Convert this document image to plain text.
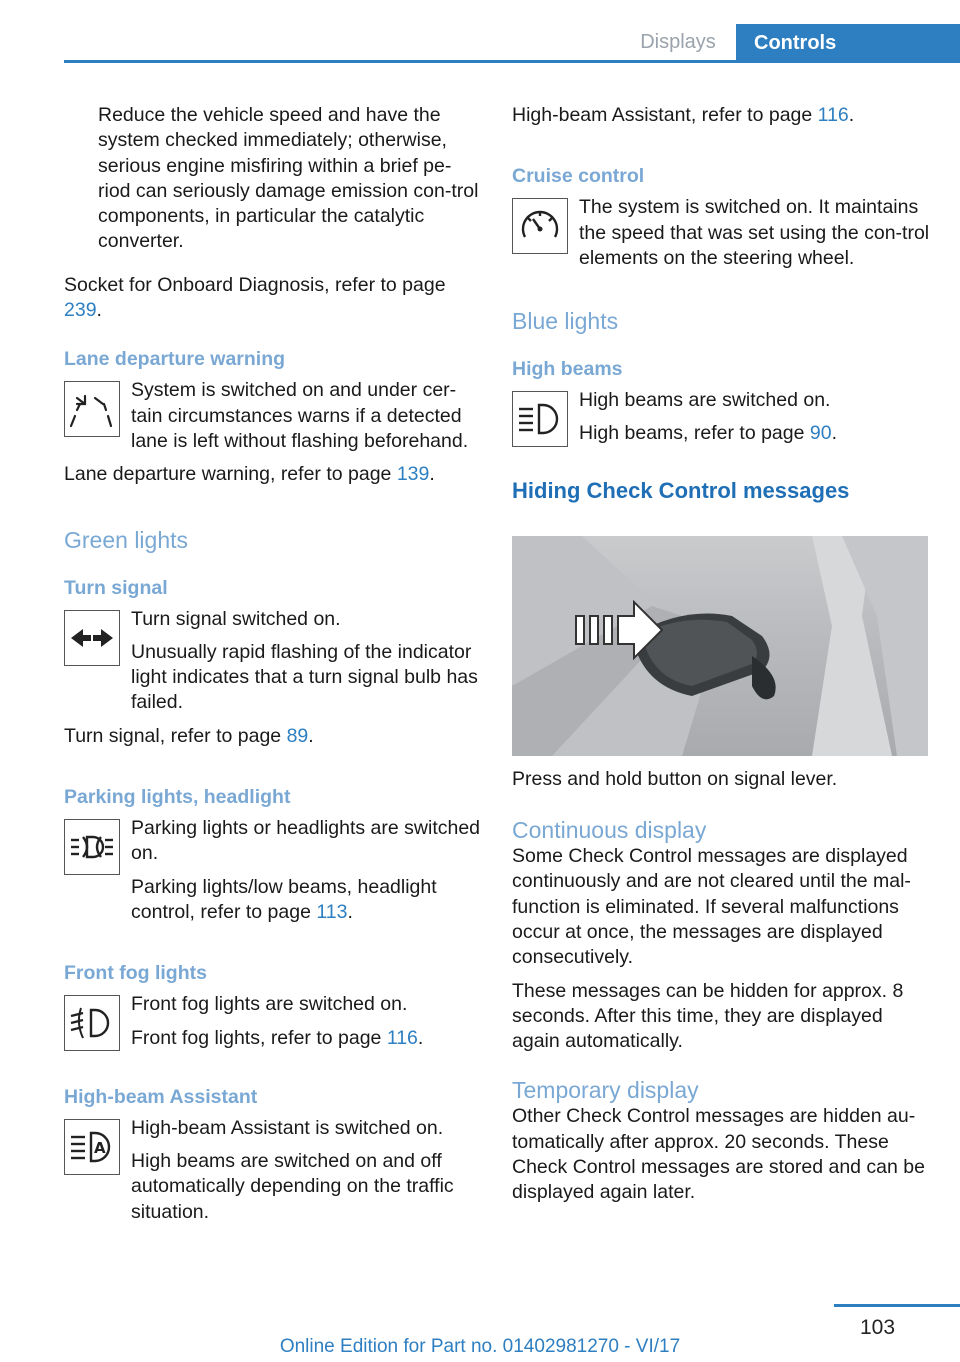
Displays	Controls

Reduce the vehicle speed and have the system checked immediately; otherwise, serious engine misfiring within a brief pe-riod can seriously damage emission con-trol components, in particular the catalytic converter.

Socket for Onboard Diagnosis, refer to page 239.

Lane departure warning

System is switched on and under cer-tain circumstances warns if a detected lane is left without flashing beforehand.

Lane departure warning, refer to page 139.

Green lights

Turn signal

Turn signal switched on.

Unusually rapid flashing of the indicator light indicates that a turn signal bulb has failed.

Turn signal, refer to page 89.

Parking lights, headlight

Parking lights or headlights are switched on.

Parking lights/low beams, headlight control, refer to page 113.

Front fog lights

Front fog lights are switched on.

Front fog lights, refer to page 116.

High-beam Assistant

A

High-beam Assistant is switched on.

High beams are switched on and off automatically depending on the traffic situation.

High-beam Assistant, refer to page 116.

Cruise control

The system is switched on. It maintains the speed that was set using the con-trol elements on the steering wheel.

Blue lights

High beams

High beams are switched on.

High beams, refer to page 90.

Hiding Check Control messages

Press and hold button on signal lever.

Continuous display

Some Check Control messages are displayed continuously and are not cleared until the mal-function is eliminated. If several malfunctions occur at once, the messages are displayed consecutively.

These messages can be hidden for approx. 8 seconds. After this time, they are displayed again automatically.

Temporary display

Other Check Control messages are hidden au-tomatically after approx. 20 seconds. These Check Control messages are stored and can be displayed again later.

103
Online Edition for Part no. 01402981270 - VI/17
